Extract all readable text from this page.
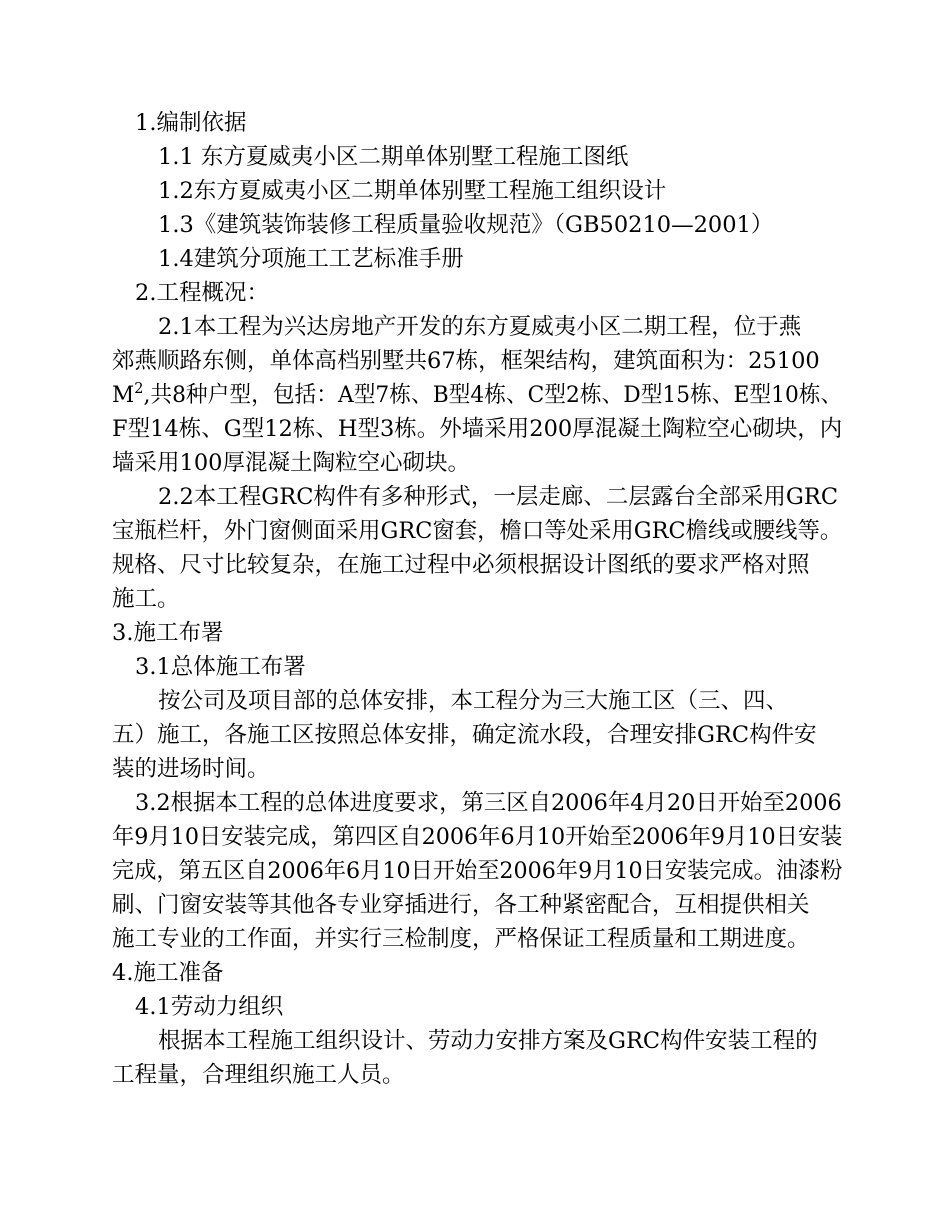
1.编制依据
1.1 东方夏威夷小区二期单体别墅工程施工图纸
1.2东方夏威夷小区二期单体别墅工程施工组织设计
1.3《建筑装饰装修工程质量验收规范》（GB50210—2001）
1.4建筑分项施工工艺标准手册
2.工程概况：
2.1本工程为兴达房地产开发的东方夏威夷小区二期工程，位于燕
郊燕顺路东侧，单体高档别墅共67栋，框架结构，建筑面积为：25100
$M^2$,共8种户型，包括：A型7栋、B型4栋、C型2栋、D型15栋、E型10栋、
F型14栋、G型12栋、H型3栋。外墙采用200厚混凝土陶粒空心砌块，内
墙采用100厚混凝土陶粒空心砌块。
2.2本工程GRC构件有多种形式，一层走廊、二层露台全部采用GRC
宝瓶栏杆，外门窗侧面采用GRC窗套，檐口等处采用GRC檐线或腰线等。
规格、尺寸比较复杂，在施工过程中必须根据设计图纸的要求严格对照
施工。
3.施工布署
3.1总体施工布署
按公司及项目部的总体安排，本工程分为三大施工区（三、四、
五）施工，各施工区按照总体安排，确定流水段，合理安排GRC构件安
装的进场时间。
3.2根据本工程的总体进度要求，第三区自2006年4月20日开始至2006
年9月10日安装完成，第四区自2006年6月10开始至2006年9月10日安装
完成，第五区自2006年6月10日开始至2006年9月10日安装完成。油漆粉
刷、门窗安装等其他各专业穿插进行，各工种紧密配合，互相提供相关
施工专业的工作面，并实行三检制度，严格保证工程质量和工期进度。
4.施工准备
4.1劳动力组织
根据本工程施工组织设计、劳动力安排方案及GRC构件安装工程的
工程量，合理组织施工人员。
